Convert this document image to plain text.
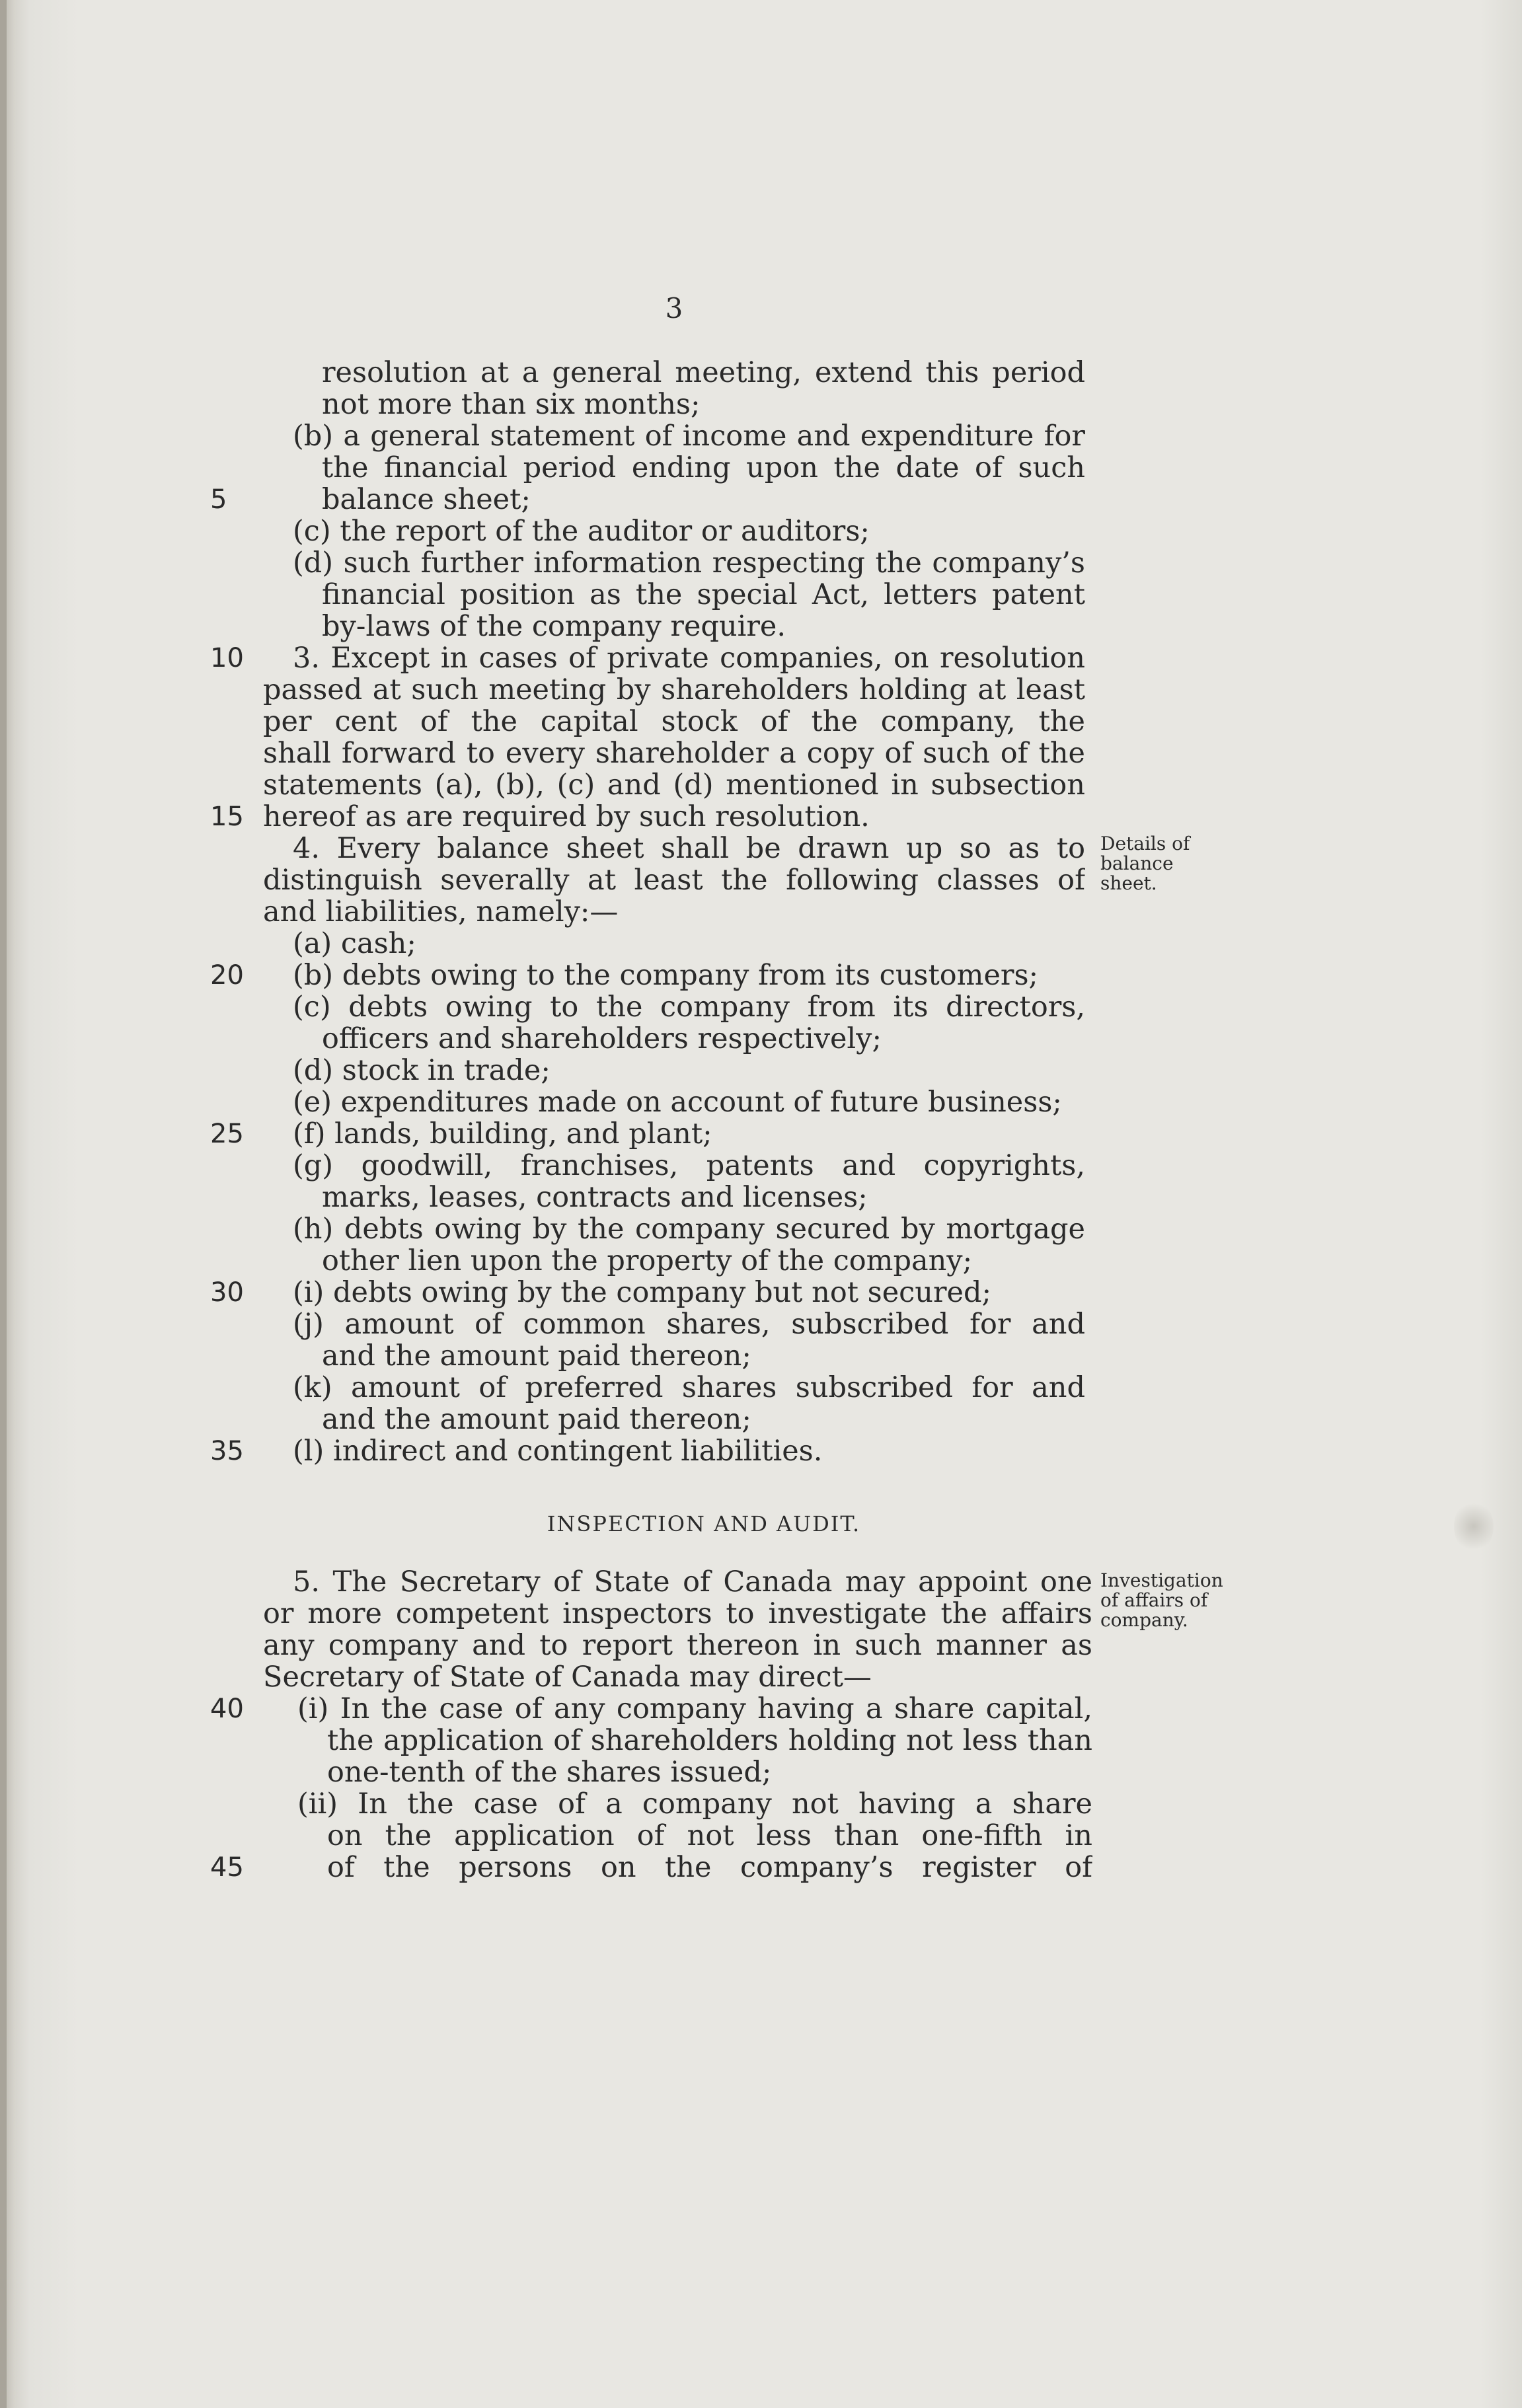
3
resolution at a general meeting, extend this period
not more than six months;
(b) a general statement of income and expenditure for
the financial period ending upon the date of such
balance sheet;
(c) the report of the auditor or auditors;
(d) such further information respecting the company’s
financial position as the special Act, letters patent
by-laws of the company require.
3. Except in cases of private companies, on resolution
passed at such meeting by shareholders holding at least
per cent of the capital stock of the company, the
shall forward to every shareholder a copy of such of the
statements (a), (b), (c) and (d) mentioned in subsection
hereof as are required by such resolution.
4. Every balance sheet shall be drawn up so as to
distinguish severally at least the following classes of
and liabilities, namely:—
(a) cash;
(b) debts owing to the company from its customers;
(c) debts owing to the company from its directors,
officers and shareholders respectively;
(d) stock in trade;
(e) expenditures made on account of future business;
(f) lands, building, and plant;
(g) goodwill, franchises, patents and copyrights,
marks, leases, contracts and licenses;
(h) debts owing by the company secured by mortgage
other lien upon the property of the company;
(i) debts owing by the company but not secured;
(j) amount of common shares, subscribed for and
and the amount paid thereon;
(k) amount of preferred shares subscribed for and
and the amount paid thereon;
(l) indirect and contingent liabilities.
5. The Secretary of State of Canada may appoint one
or more competent inspectors to investigate the affairs
any company and to report thereon in such manner as
Secretary of State of Canada may direct—
(i) In the case of any company having a share capital,
the application of shareholders holding not less than
one-tenth of the shares issued;
(ii) In the case of a company not having a share
on the application of not less than one-fifth in
of the persons on the company’s register of
5
10
15
20
25
30
35
40
45
INSPECTION AND AUDIT.
Details of
balance
sheet.
Investigation
of affairs of
company.
